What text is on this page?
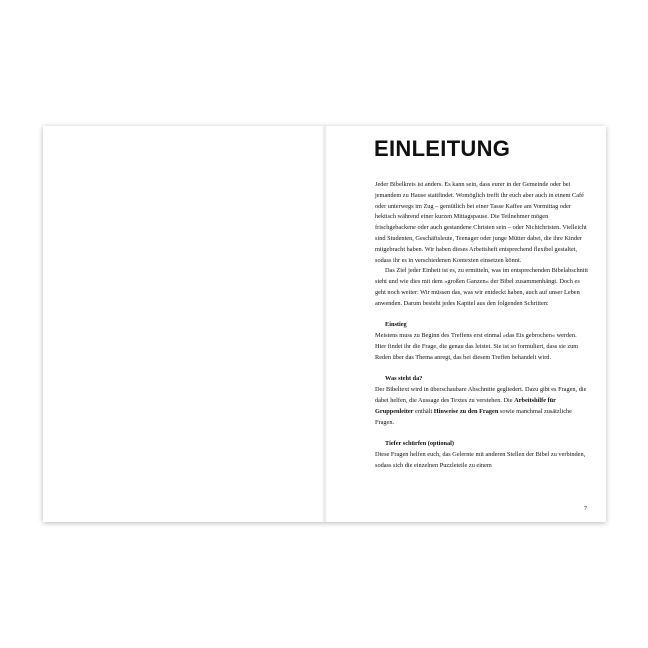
EINLEITUNG

Jeder Bibelkreis ist anders. Es kann sein, dass eurer in der Gemeinde oder bei jemandem zu Hause stattfindet. Womöglich trefft ihr euch aber auch in einem Café oder unterwegs im Zug – gemütlich bei einer Tasse Kaffee am Vormittag oder hektisch während einer kurzen Mittagspause. Die Teilnehmer mögen frischgebackene oder auch gestandene Christen sein – oder Nichtchristen. Vielleicht sind Studenten, Geschäftsleute, Teenager oder junge Mütter dabei, die ihre Kinder mitgebracht haben. Wir haben dieses Arbeitsheft entsprechend flexibel gestaltet, sodass ihr es in verschiedenen Kontexten einsetzen könnt.

Das Ziel jeder Einheit ist es, zu ermitteln, was im entsprechenden Bibelabschnitt steht und wie dies mit dem »großen Ganzen« der Bibel zusammenhängt. Doch es geht noch weiter: Wir müssen das, was wir entdeckt haben, auch auf unser Leben anwenden. Darum besteht jedes Kapitel aus den folgenden Schritten:

Einstieg

Meistens muss zu Beginn des Treffens erst einmal »das Eis gebrochen« werden. Hier findet ihr die Frage, die genau das leistet. Sie ist so formuliert, dass sie zum Reden über das Thema anregt, das bei diesem Treffen behandelt wird.

Was steht da?

Der Bibeltext wird in überschaubare Abschnitte gegliedert. Dazu gibt es Fragen, die dabei helfen, die Aussage des Textes zu verstehen. Die Arbeitshilfe für Gruppenleiter enthält Hinweise zu den Fragen sowie manchmal zusätzliche Fragen.

Tiefer schürfen (optional)

Diese Fragen helfen euch, das Gelernte mit anderen Stellen der Bibel zu verbinden, sodass sich die einzelnen Puzzleteile zu einem

7
